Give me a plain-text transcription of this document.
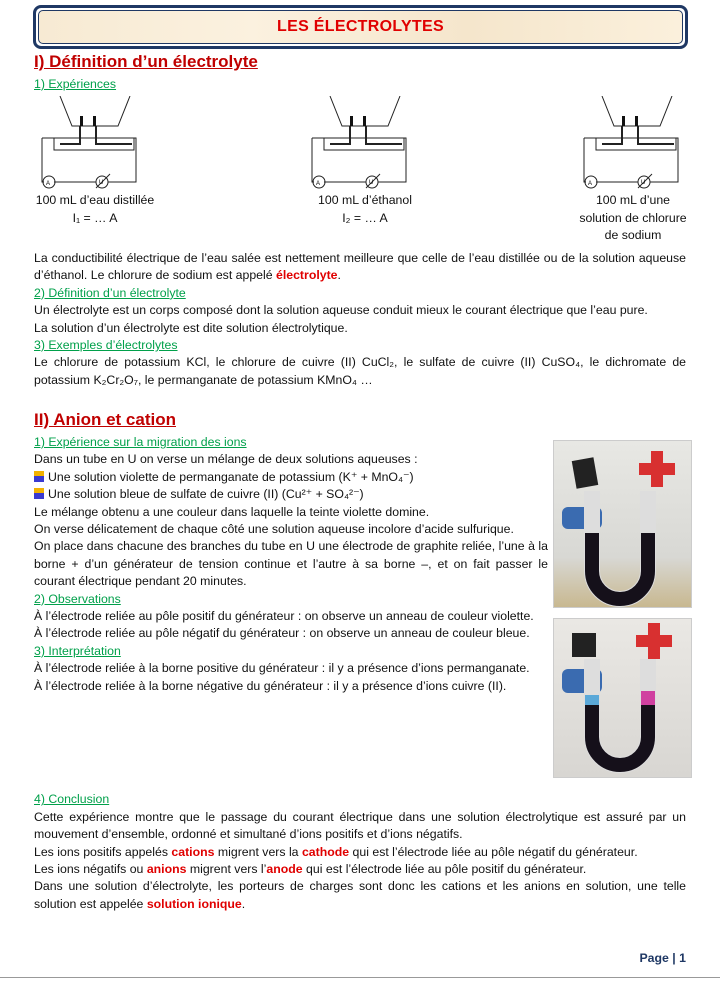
LES ÉLECTROLYTES
I) Définition d’un électrolyte
1) Expériences
A	U	A	U	A	U
100 mL d’eau distillée
I₁ = … A
100 mL d’éthanol
I₂ = … A
100 mL d’une
solution de chlorure
de sodium

La conductibilité électrique de l’eau salée est nettement meilleure que celle de l’eau distillée ou de la solution aqueuse d’éthanol. Le chlorure de sodium est appelé électrolyte.

2) Définition d’un électrolyte

Un électrolyte est un corps composé dont la solution aqueuse conduit mieux le courant électrique que l’eau pure.

La solution d’un électrolyte est dite solution électrolytique.

3) Exemples d’électrolytes

Le chlorure de potassium KCl, le chlorure de cuivre (II) CuCl₂, le sulfate de cuivre (II) CuSO₄, le dichromate de potassium K₂Cr₂O₇, le permanganate de potassium KMnO₄ …

II) Anion et cation

1) Expérience sur la migration des ions

Dans un tube en U on verse un mélange de deux solutions aqueuses :

Une solution violette de permanganate de potassium (K⁺ + MnO₄⁻)

Une solution bleue de sulfate de cuivre (II) (Cu²⁺ + SO₄²⁻)

Le mélange obtenu a une couleur dans laquelle la teinte violette domine.

On verse délicatement de chaque côté une solution aqueuse incolore d’acide sulfurique.

On place dans chacune des branches du tube en U une électrode de graphite reliée, l’une à la borne + d’un générateur de tension continue et l’autre à sa borne –, et on fait passer le courant électrique pendant 20 minutes.

2) Observations

À l’électrode reliée au pôle positif du générateur : on observe un anneau de couleur violette.

À l’électrode reliée au pôle négatif du générateur : on observe un anneau de couleur bleue.

3) Interprétation

À l’électrode reliée à la borne positive du générateur : il y a présence d’ions permanganate.

À l’électrode reliée à la borne négative du générateur : il y a présence d’ions cuivre (II).

4) Conclusion

Cette expérience montre que le passage du courant électrique dans une solution électrolytique est assuré par un mouvement d’ensemble, ordonné et simultané d’ions positifs et d’ions négatifs.

Les ions positifs appelés cations migrent vers la cathode qui est l’électrode liée au pôle négatif du générateur.

Les ions négatifs ou anions migrent vers l’anode qui est l’électrode liée au pôle positif du générateur.

Dans une solution d’électrolyte, les porteurs de charges sont donc les cations et les anions en solution, une telle solution est appelée solution ionique.

Page | 1
